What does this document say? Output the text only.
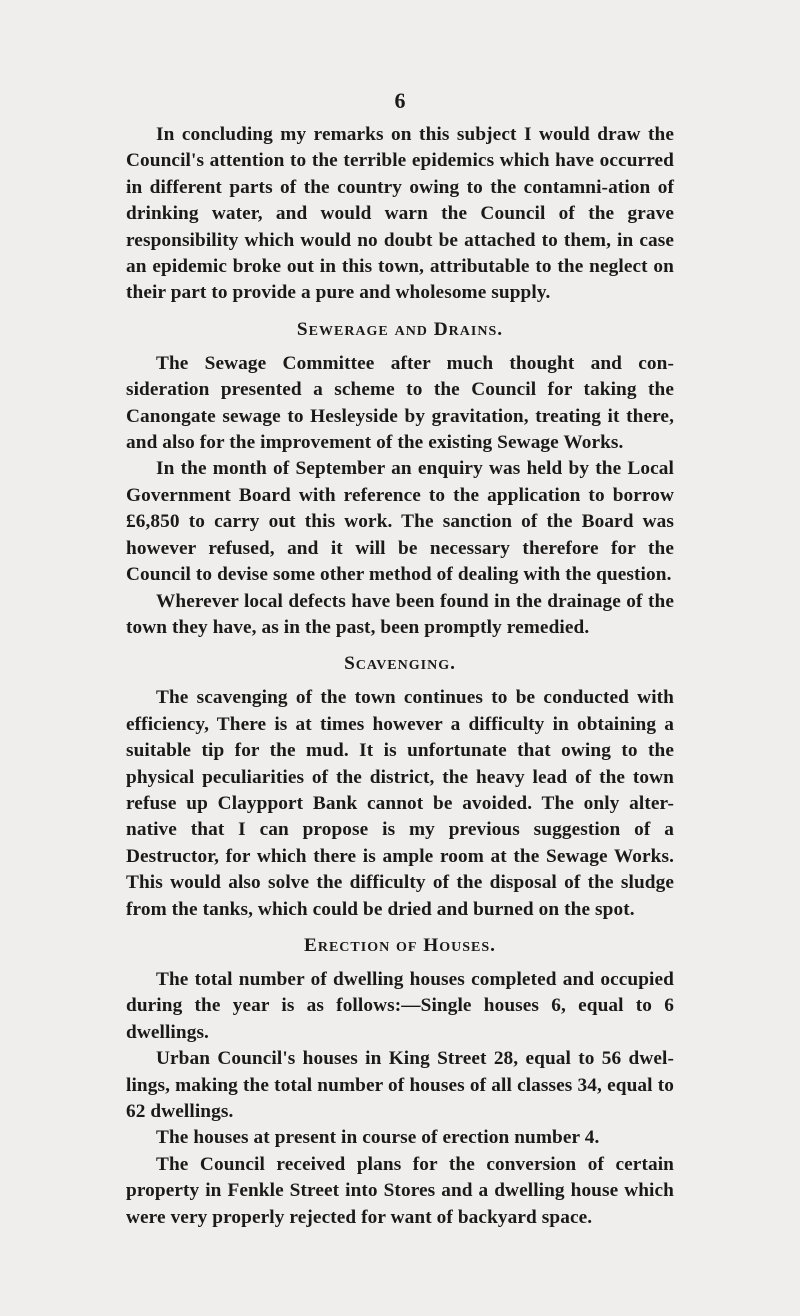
6

In concluding my remarks on this subject I would draw the Council's attention to the terrible epidemics which have occurred in different parts of the country owing to the contamni-ation of drinking water, and would warn the Council of the grave responsibility which would no doubt be attached to them, in case an epidemic broke out in this town, attributable to the neglect on their part to provide a pure and wholesome supply.

Sewerage and Drains.

The Sewage Committee after much thought and con-sideration presented a scheme to the Council for taking the Canongate sewage to Hesleyside by gravitation, treating it there, and also for the improvement of the existing Sewage Works.

In the month of September an enquiry was held by the Local Government Board with reference to the application to borrow £6,850 to carry out this work. The sanction of the Board was however refused, and it will be necessary therefore for the Council to devise some other method of dealing with the question.

Wherever local defects have been found in the drainage of the town they have, as in the past, been promptly remedied.

Scavenging.

The scavenging of the town continues to be conducted with efficiency, There is at times however a difficulty in obtaining a suitable tip for the mud. It is unfortunate that owing to the physical peculiarities of the district, the heavy lead of the town refuse up Claypport Bank cannot be avoided. The only alter-native that I can propose is my previous suggestion of a Destructor, for which there is ample room at the Sewage Works. This would also solve the difficulty of the disposal of the sludge from the tanks, which could be dried and burned on the spot.

Erection of Houses.

The total number of dwelling houses completed and occupied during the year is as follows:—Single houses 6, equal to 6 dwellings.

Urban Council's houses in King Street 28, equal to 56 dwel-lings, making the total number of houses of all classes 34, equal to 62 dwellings.

The houses at present in course of erection number 4.

The Council received plans for the conversion of certain property in Fenkle Street into Stores and a dwelling house which were very properly rejected for want of backyard space.
